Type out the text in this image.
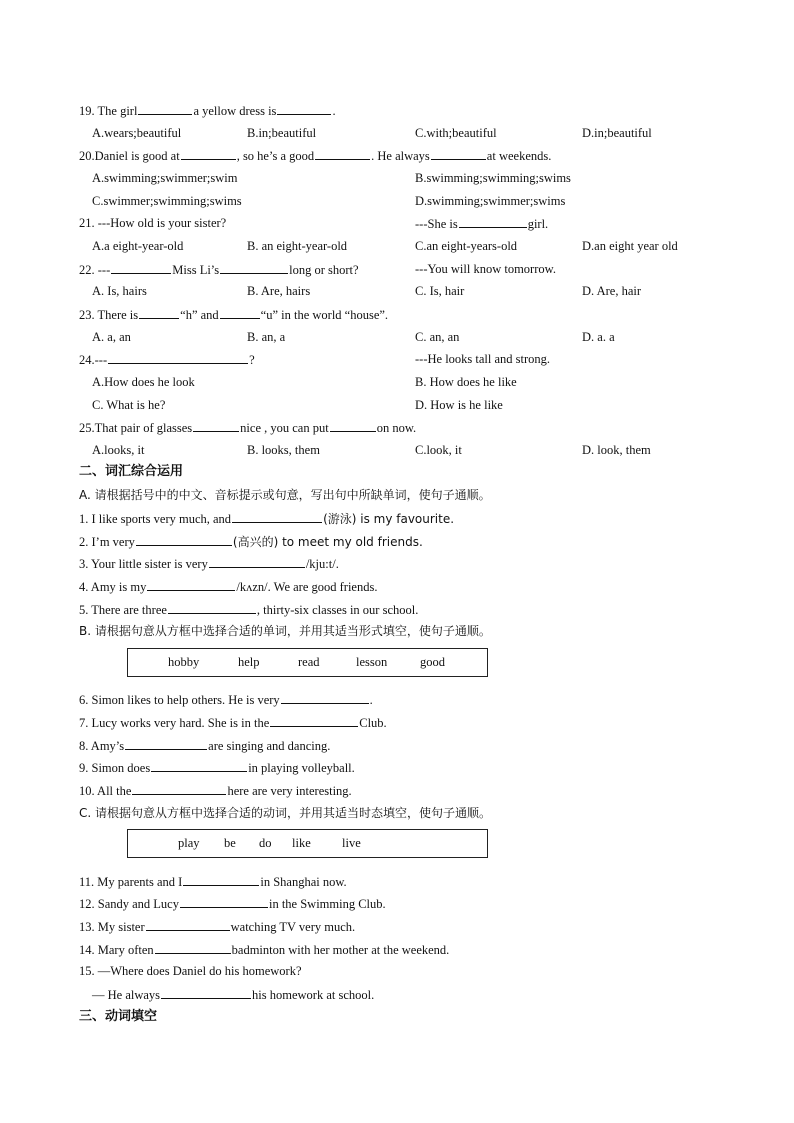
19. The girl	a yellow dress is	.
A.wears;beautiful	B.in;beautiful	C.with;beautiful	D.in;beautiful
20.Daniel is good at	, so he’s a good	. He always	at weekends.
A.swimming;swimmer;swim	B.swimming;swimming;swims
C.swimmer;swimming;swims	D.swimming;swimmer;swims
21. ---How old is your sister?	---She is	girl.
A.a eight-year-old	B. an eight-year-old	C.an eight-years-old	D.an eight year old
22. ---	Miss Li’s	long or short?	---You will know tomorrow.
A. Is, hairs	B. Are, hairs	C. Is, hair	D. Are, hair
23. There is	“h” and	“u” in the world “house”.
A. a, an	B. an, a	C. an, an	D. a. a
24.---	?	---He looks tall and strong.
A.How does he look	B. How does he like
C. What is he?	D. How is he like
25.That pair of glasses	nice , you can put	on now.
A.looks, it	B. looks, them	C.look, it	D. look, them
二、词汇综合运用
A. 请根据括号中的中文、音标提示或句意，写出句中所缺单词，使句子通顺。
1. I like sports very much, and	(游泳) is my favourite.
2. I’m very	(高兴的) to meet my old friends.
3. Your little sister is very	/kju:t/.
4. Amy is my	/kʌzn/. We are good friends.
5. There are three	, thirty-six classes in our school.
B. 请根据句意从方框中选择合适的单词，并用其适当形式填空，使句子通顺。
hobby	help	read	lesson	good
6. Simon likes to help others. He is very	.
7. Lucy works very hard. She is in the	Club.
8. Amy’s	are singing and dancing.
9. Simon does	in playing volleyball.
10. All the	here are very interesting.
C. 请根据句意从方框中选择合适的动词，并用其适当时态填空，使句子通顺。
play be do like	live
11. My parents and I	in Shanghai now.
12. Sandy and Lucy	in the Swimming Club.
13. My sister	watching TV very much.
14. Mary often	badminton with her mother at the weekend.
15. —Where does Daniel do his homework?
— He always	his homework at school.
三、动词填空
